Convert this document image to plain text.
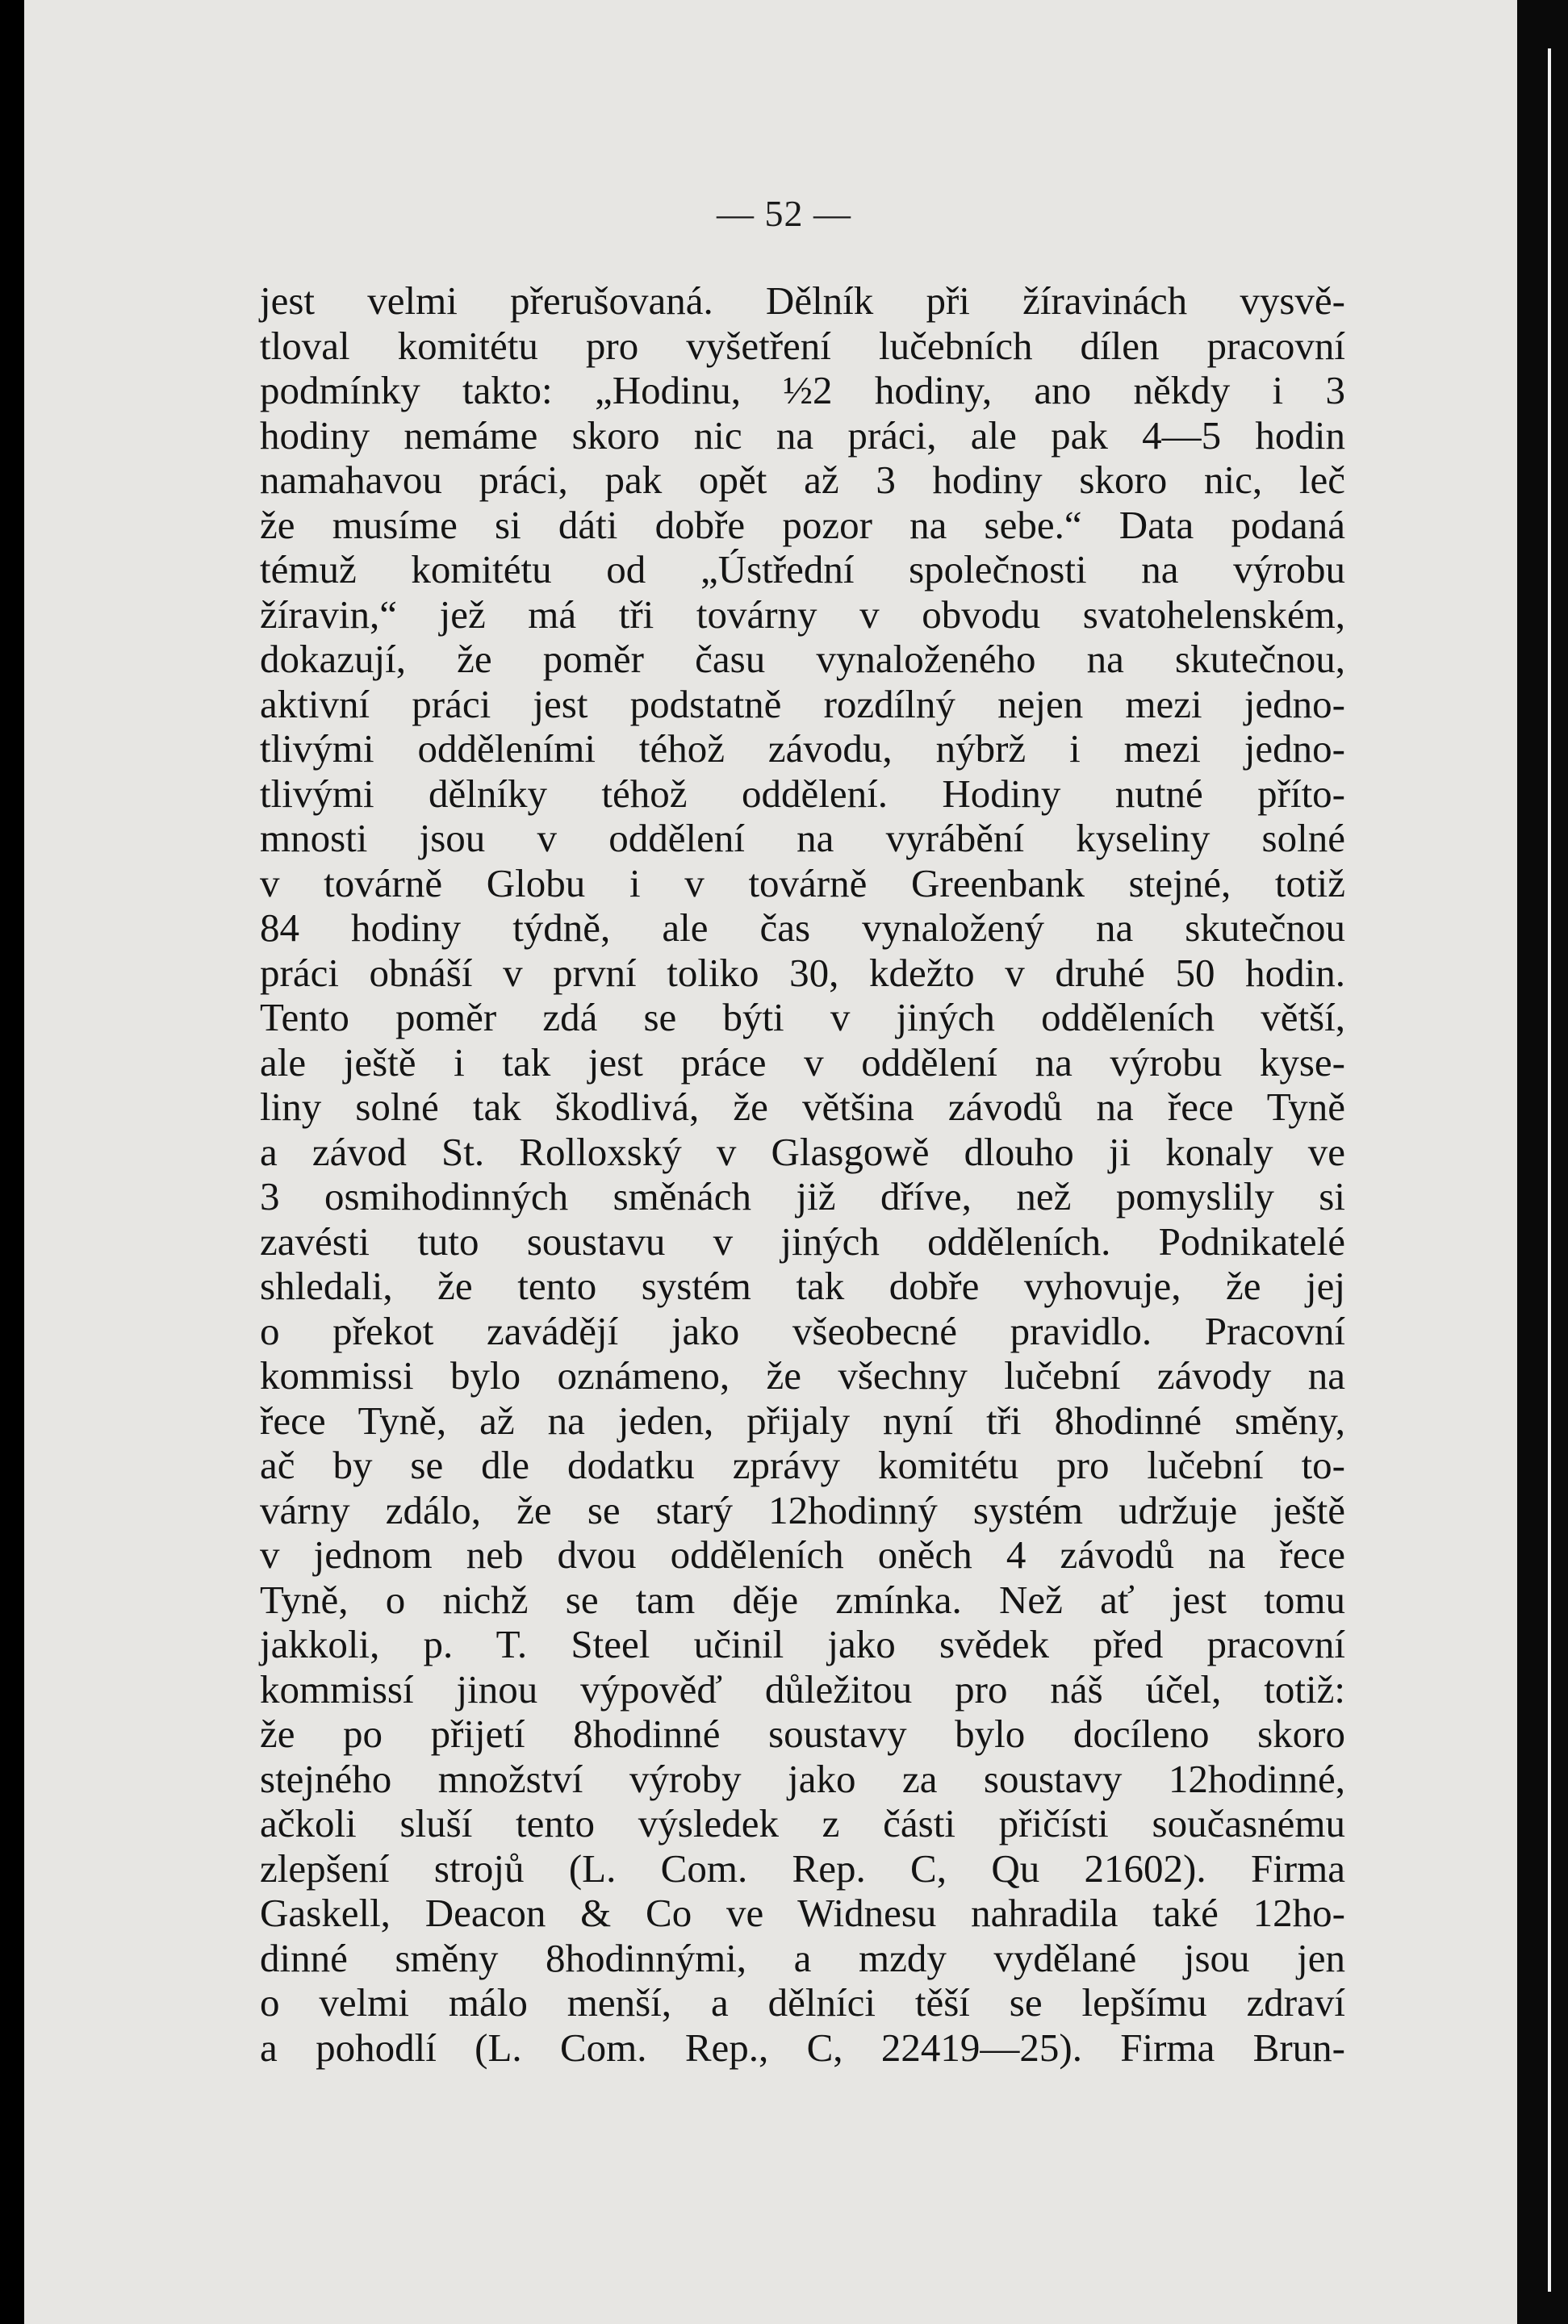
— 52 —
jest velmi přerušovaná. Dělník při žíravinách vysvě-
tloval komitétu pro vyšetření lučebních dílen pracovní
podmínky takto: „Hodinu, ½2 hodiny, ano někdy i 3
hodiny nemáme skoro nic na práci, ale pak 4—5 hodin
namahavou práci, pak opět až 3 hodiny skoro nic, leč
že musíme si dáti dobře pozor na sebe.“ Data podaná
témuž komitétu od „Ústřední společnosti na výrobu
žíravin,“ jež má tři továrny v obvodu svatohelenském,
dokazují, že poměr času vynaloženého na skutečnou,
aktivní práci jest podstatně rozdílný nejen mezi jedno-
tlivými odděleními téhož závodu, nýbrž i mezi jedno-
tlivými dělníky téhož oddělení. Hodiny nutné příto-
mnosti jsou v oddělení na vyrábění kyseliny solné
v továrně Globu i v továrně Greenbank stejné, totiž
84 hodiny týdně, ale čas vynaložený na skutečnou
práci obnáší v první toliko 30, kdežto v druhé 50 hodin.
Tento poměr zdá se býti v jiných odděleních větší,
ale ještě i tak jest práce v oddělení na výrobu kyse-
liny solné tak škodlivá, že většina závodů na řece Tyně
a závod St. Rolloxský v Glasgowě dlouho ji konaly ve
3 osmihodinných směnách již dříve, než pomyslily si
zavésti tuto soustavu v jiných odděleních. Podnikatelé
shledali, že tento systém tak dobře vyhovuje, že jej
o překot zavádějí jako všeobecné pravidlo. Pracovní
kommissi bylo oznámeno, že všechny lučební závody na
řece Tyně, až na jeden, přijaly nyní tři 8hodinné směny,
ač by se dle dodatku zprávy komitétu pro lučební to-
várny zdálo, že se starý 12hodinný systém udržuje ještě
v jednom neb dvou odděleních oněch 4 závodů na řece
Tyně, o nichž se tam děje zmínka. Než ať jest tomu
jakkoli, p. T. Steel učinil jako svědek před pracovní
kommissí jinou výpověď důležitou pro náš účel, totiž:
že po přijetí 8hodinné soustavy bylo docíleno skoro
stejného množství výroby jako za soustavy 12hodinné,
ačkoli sluší tento výsledek z části přičísti současnému
zlepšení strojů (L. Com. Rep. C, Qu 21602). Firma
Gaskell, Deacon & Co ve Widnesu nahradila také 12ho-
dinné směny 8hodinnými, a mzdy vydělané jsou jen
o velmi málo menší, a dělníci těší se lepšímu zdraví
a pohodlí (L. Com. Rep., C, 22419—25). Firma Brun-
